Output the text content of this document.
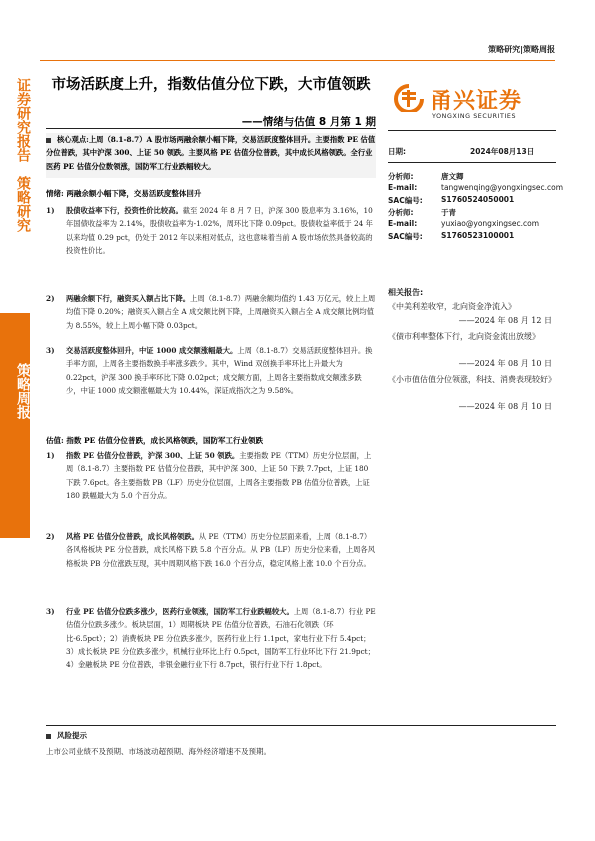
证券研究报告
策略研究
策略周报
策略研究|策略周报
市场活跃度上升，指数估值分位下跌，大市值领跌
——情绪与估值 8 月第 1 期
甬兴证券
YONGXING SECURITIES
日期:	2024年08月13日
分析师:	唐文卿
E-mail:	tangwenqing@yongxingsec.com
SAC编号: S1760524050001
分析师:	于青
E-mail:	yuxiao@yongxingsec.com
SAC编号: S1760523100001
相关报告:
《中美利差收窄，北向资金净流入》
——2024 年 08 月 12 日
《债市利率整体下行，北向资金流出放缓》
——2024 年 08 月 10 日
《小市值估值分位领涨，科技、消费表现较好》
——2024 年 08 月 10 日
核心观点:上周（8.1-8.7）A 股市场两融余额小幅下降，交易活跃度整体回升。主要指数 PE 估值分位普跌，其中沪深 300、上证 50 领跌。主要风格 PE 估值分位普跌，其中成长风格领跌。全行业医药 PE 估值分位数领涨，国防军工行业跌幅较大。
情绪: 两融余额小幅下降，交易活跃度整体回升
1) 股债收益率下行，投资性价比较高。截至 2024 年 8 月 7 日，沪深 300 股息率为 3.16%，10 年国债收益率为 2.14%，股债收益率为-1.02%，周环比下降 0.09pct。股债收益率低于 24 年以来均值 0.29 pct，仍处于 2012 年以来相对低点，这也意味着当前 A 股市场依然具备较高的投资性价比。
2) 两融余额下行，融资买入额占比下降。上周（8.1-8.7）两融余额均值约 1.43 万亿元，较上上周均值下降 0.20%；融资买入额占全 A 成交额比例下降，上周融资买入额占全 A 成交额比例均值为 8.55%，较上上周小幅下降 0.03pct。
3) 交易活跃度整体回升，中证 1000 成交额涨幅最大。上周（8.1-8.7）交易活跃度整体回升。换手率方面，上周各主要指数换手率涨多跌少。其中，Wind 双创换手率环比上升最大为 0.22pct，沪深 300 换手率环比下降 0.02pct；成交额方面，上周各主要指数成交额涨多跌少，中证 1000 成交额涨幅最大为 10.44%，深证成指次之为 9.58%。
估值: 指数 PE 估值分位普跌，成长风格领跌，国防军工行业领跌
1) 指数 PE 估值分位普跌，沪深 300、上证 50 领跌。主要指数 PE（TTM）历史分位层面，上周（8.1-8.7）主要指数 PE 估值分位普跌，其中沪深 300、上证 50 下跌 7.7pct，上证 180 下跌 7.6pct。各主要指数 PB（LF）历史分位层面，上周各主要指数 PB 估值分位普跌，上证 180 跌幅最大为 5.0 个百分点。
2) 风格 PE 估值分位普跌，成长风格领跌。从 PE（TTM）历史分位层面来看，上周（8.1-8.7）各风格板块 PE 分位普跌，成长风格下跌 5.8 个百分点。从 PB（LF）历史分位来看，上周各风格板块 PB 分位涨跌互现，其中周期风格下跌 16.0 个百分点，稳定风格上涨 10.0 个百分点。
3) 行业 PE 估值分位跌多涨少，医药行业领涨，国防军工行业跌幅较大。上周（8.1-8.7）行业 PE 估值分位跌多涨少。板块层面，1）周期板块 PE 估值分位普跌，石油石化领跌（环比-6.5pct）；2）消费板块 PE 分位跌多涨少，医药行业上行 1.1pct，家电行业下行 5.4pct；3）成长板块 PE 分位跌多涨少，机械行业环比上行 0.5pct，国防军工行业环比下行 21.9pct；4）金融板块 PE 分位普跌，非银金融行业下行 8.7pct，银行行业下行 1.8pct。
风险提示
上市公司业绩不及预期、市场波动超预期、海外经济增速不及预期。
